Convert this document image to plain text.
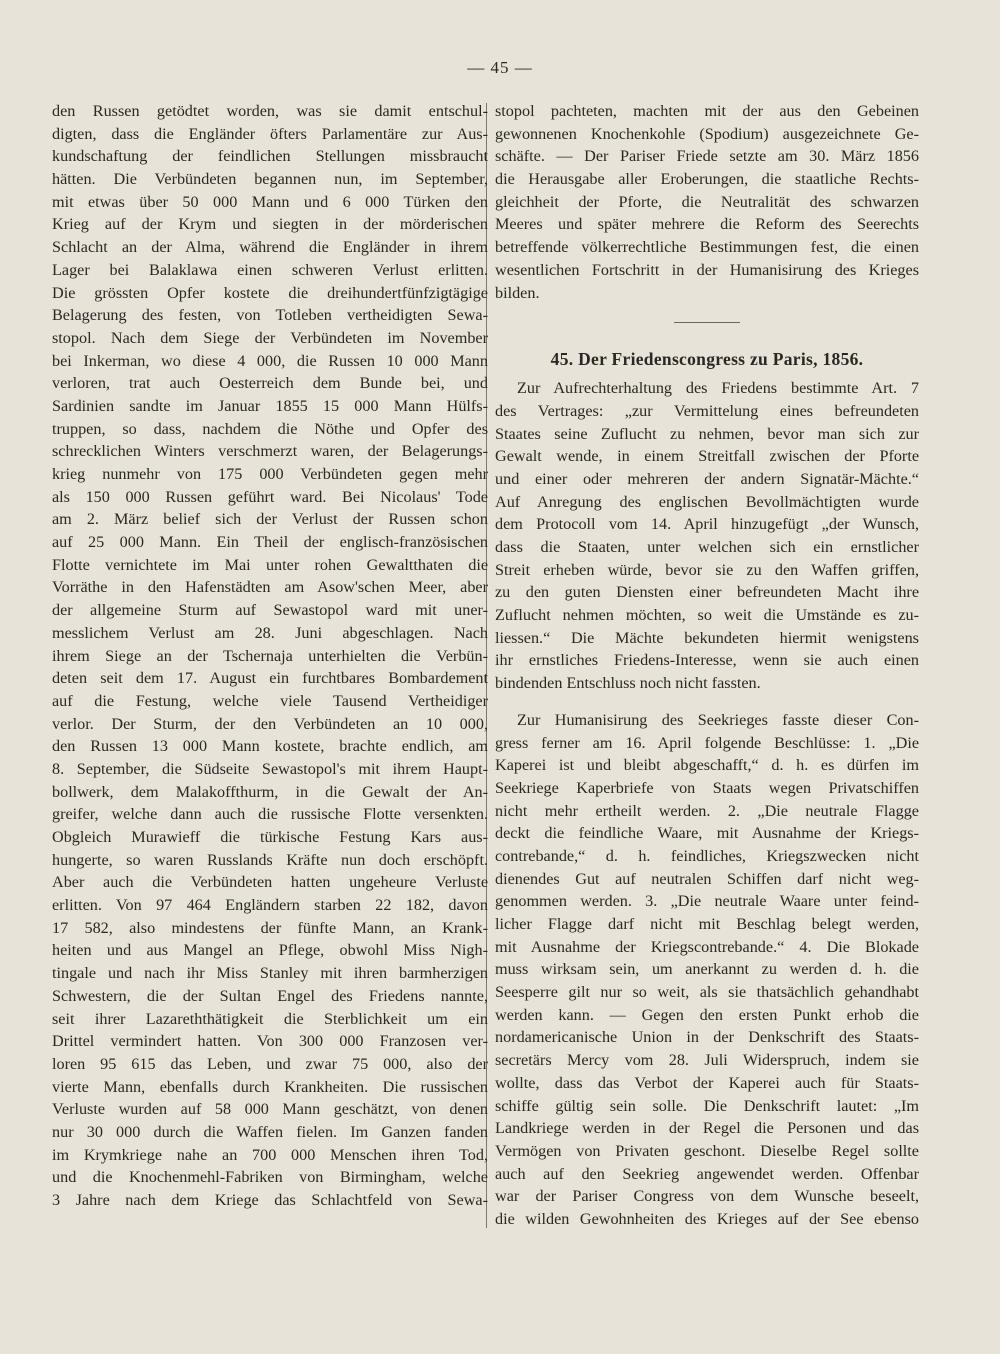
— 45 —
den Russen getödtet worden, was sie damit entschul-
digten, dass die Engländer öfters Parlamentäre zur Aus-
kundschaftung der feindlichen Stellungen missbraucht
hätten. Die Verbündeten begannen nun, im September,
mit etwas über 50 000 Mann und 6 000 Türken den
Krieg auf der Krym und siegten in der mörderischen
Schlacht an der Alma, während die Engländer in ihrem
Lager bei Balaklawa einen schweren Verlust erlitten.
Die grössten Opfer kostete die dreihundertfünfzigtägige
Belagerung des festen, von Totleben vertheidigten Sewa-
stopol. Nach dem Siege der Verbündeten im November
bei Inkerman, wo diese 4 000, die Russen 10 000 Mann
verloren, trat auch Oesterreich dem Bunde bei, und
Sardinien sandte im Januar 1855 15 000 Mann Hülfs-
truppen, so dass, nachdem die Nöthe und Opfer des
schrecklichen Winters verschmerzt waren, der Belagerungs-
krieg nunmehr von 175 000 Verbündeten gegen mehr
als 150 000 Russen geführt ward. Bei Nicolaus' Tode
am 2. März belief sich der Verlust der Russen schon
auf 25 000 Mann. Ein Theil der englisch-französischen
Flotte vernichtete im Mai unter rohen Gewaltthaten die
Vorräthe in den Hafenstädten am Asow'schen Meer, aber
der allgemeine Sturm auf Sewastopol ward mit uner-
messlichem Verlust am 28. Juni abgeschlagen. Nach
ihrem Siege an der Tschernaja unterhielten die Verbün-
deten seit dem 17. August ein furchtbares Bombardement
auf die Festung, welche viele Tausend Vertheidiger
verlor. Der Sturm, der den Verbündeten an 10 000,
den Russen 13 000 Mann kostete, brachte endlich, am
8. September, die Südseite Sewastopol's mit ihrem Haupt-
bollwerk, dem Malakoffthurm, in die Gewalt der An-
greifer, welche dann auch die russische Flotte versenkten.
Obgleich Murawieff die türkische Festung Kars aus-
hungerte, so waren Russlands Kräfte nun doch erschöpft.
Aber auch die Verbündeten hatten ungeheure Verluste
erlitten. Von 97 464 Engländern starben 22 182, davon
17 582, also mindestens der fünfte Mann, an Krank-
heiten und aus Mangel an Pflege, obwohl Miss Nigh-
tingale und nach ihr Miss Stanley mit ihren barmherzigen
Schwestern, die der Sultan Engel des Friedens nannte,
seit ihrer Lazareththätigkeit die Sterblichkeit um ein
Drittel vermindert hatten. Von 300 000 Franzosen ver-
loren 95 615 das Leben, und zwar 75 000, also der
vierte Mann, ebenfalls durch Krankheiten. Die russischen
Verluste wurden auf 58 000 Mann geschätzt, von denen
nur 30 000 durch die Waffen fielen. Im Ganzen fanden
im Krymkriege nahe an 700 000 Menschen ihren Tod,
und die Knochenmehl-Fabriken von Birmingham, welche
3 Jahre nach dem Kriege das Schlachtfeld von Sewa-
stopol pachteten, machten mit der aus den Gebeinen
gewonnenen Knochenkohle (Spodium) ausgezeichnete Ge-
schäfte. — Der Pariser Friede setzte am 30. März 1856
die Herausgabe aller Eroberungen, die staatliche Rechts-
gleichheit der Pforte, die Neutralität des schwarzen
Meeres und später mehrere die Reform des Seerechts
betreffende völkerrechtliche Bestimmungen fest, die einen
wesentlichen Fortschritt in der Humanisirung des Krieges
bilden.
45. Der Friedenscongress zu Paris, 1856.
Zur Aufrechterhaltung des Friedens bestimmte Art. 7
des Vertrages: „zur Vermittelung eines befreundeten
Staates seine Zuflucht zu nehmen, bevor man sich zur
Gewalt wende, in einem Streitfall zwischen der Pforte
und einer oder mehreren der andern Signatär-Mächte.“
Auf Anregung des englischen Bevollmächtigten wurde
dem Protocoll vom 14. April hinzugefügt „der Wunsch,
dass die Staaten, unter welchen sich ein ernstlicher
Streit erheben würde, bevor sie zu den Waffen griffen,
zu den guten Diensten einer befreundeten Macht ihre
Zuflucht nehmen möchten, so weit die Umstände es zu-
liessen.“ Die Mächte bekundeten hiermit wenigstens
ihr ernstliches Friedens-Interesse, wenn sie auch einen
bindenden Entschluss noch nicht fassten.
Zur Humanisirung des Seekrieges fasste dieser Con-
gress ferner am 16. April folgende Beschlüsse: 1. „Die
Kaperei ist und bleibt abgeschafft,“ d. h. es dürfen im
Seekriege Kaperbriefe von Staats wegen Privatschiffen
nicht mehr ertheilt werden. 2. „Die neutrale Flagge
deckt die feindliche Waare, mit Ausnahme der Kriegs-
contrebande,“ d. h. feindliches, Kriegszwecken nicht
dienendes Gut auf neutralen Schiffen darf nicht weg-
genommen werden. 3. „Die neutrale Waare unter feind-
licher Flagge darf nicht mit Beschlag belegt werden,
mit Ausnahme der Kriegscontrebande.“ 4. Die Blokade
muss wirksam sein, um anerkannt zu werden d. h. die
Seesperre gilt nur so weit, als sie thatsächlich gehandhabt
werden kann. — Gegen den ersten Punkt erhob die
nordamericanische Union in der Denkschrift des Staats-
secretärs Mercy vom 28. Juli Widerspruch, indem sie
wollte, dass das Verbot der Kaperei auch für Staats-
schiffe gültig sein solle. Die Denkschrift lautet: „Im
Landkriege werden in der Regel die Personen und das
Vermögen von Privaten geschont. Dieselbe Regel sollte
auch auf den Seekrieg angewendet werden. Offenbar
war der Pariser Congress von dem Wunsche beseelt,
die wilden Gewohnheiten des Krieges auf der See ebenso
